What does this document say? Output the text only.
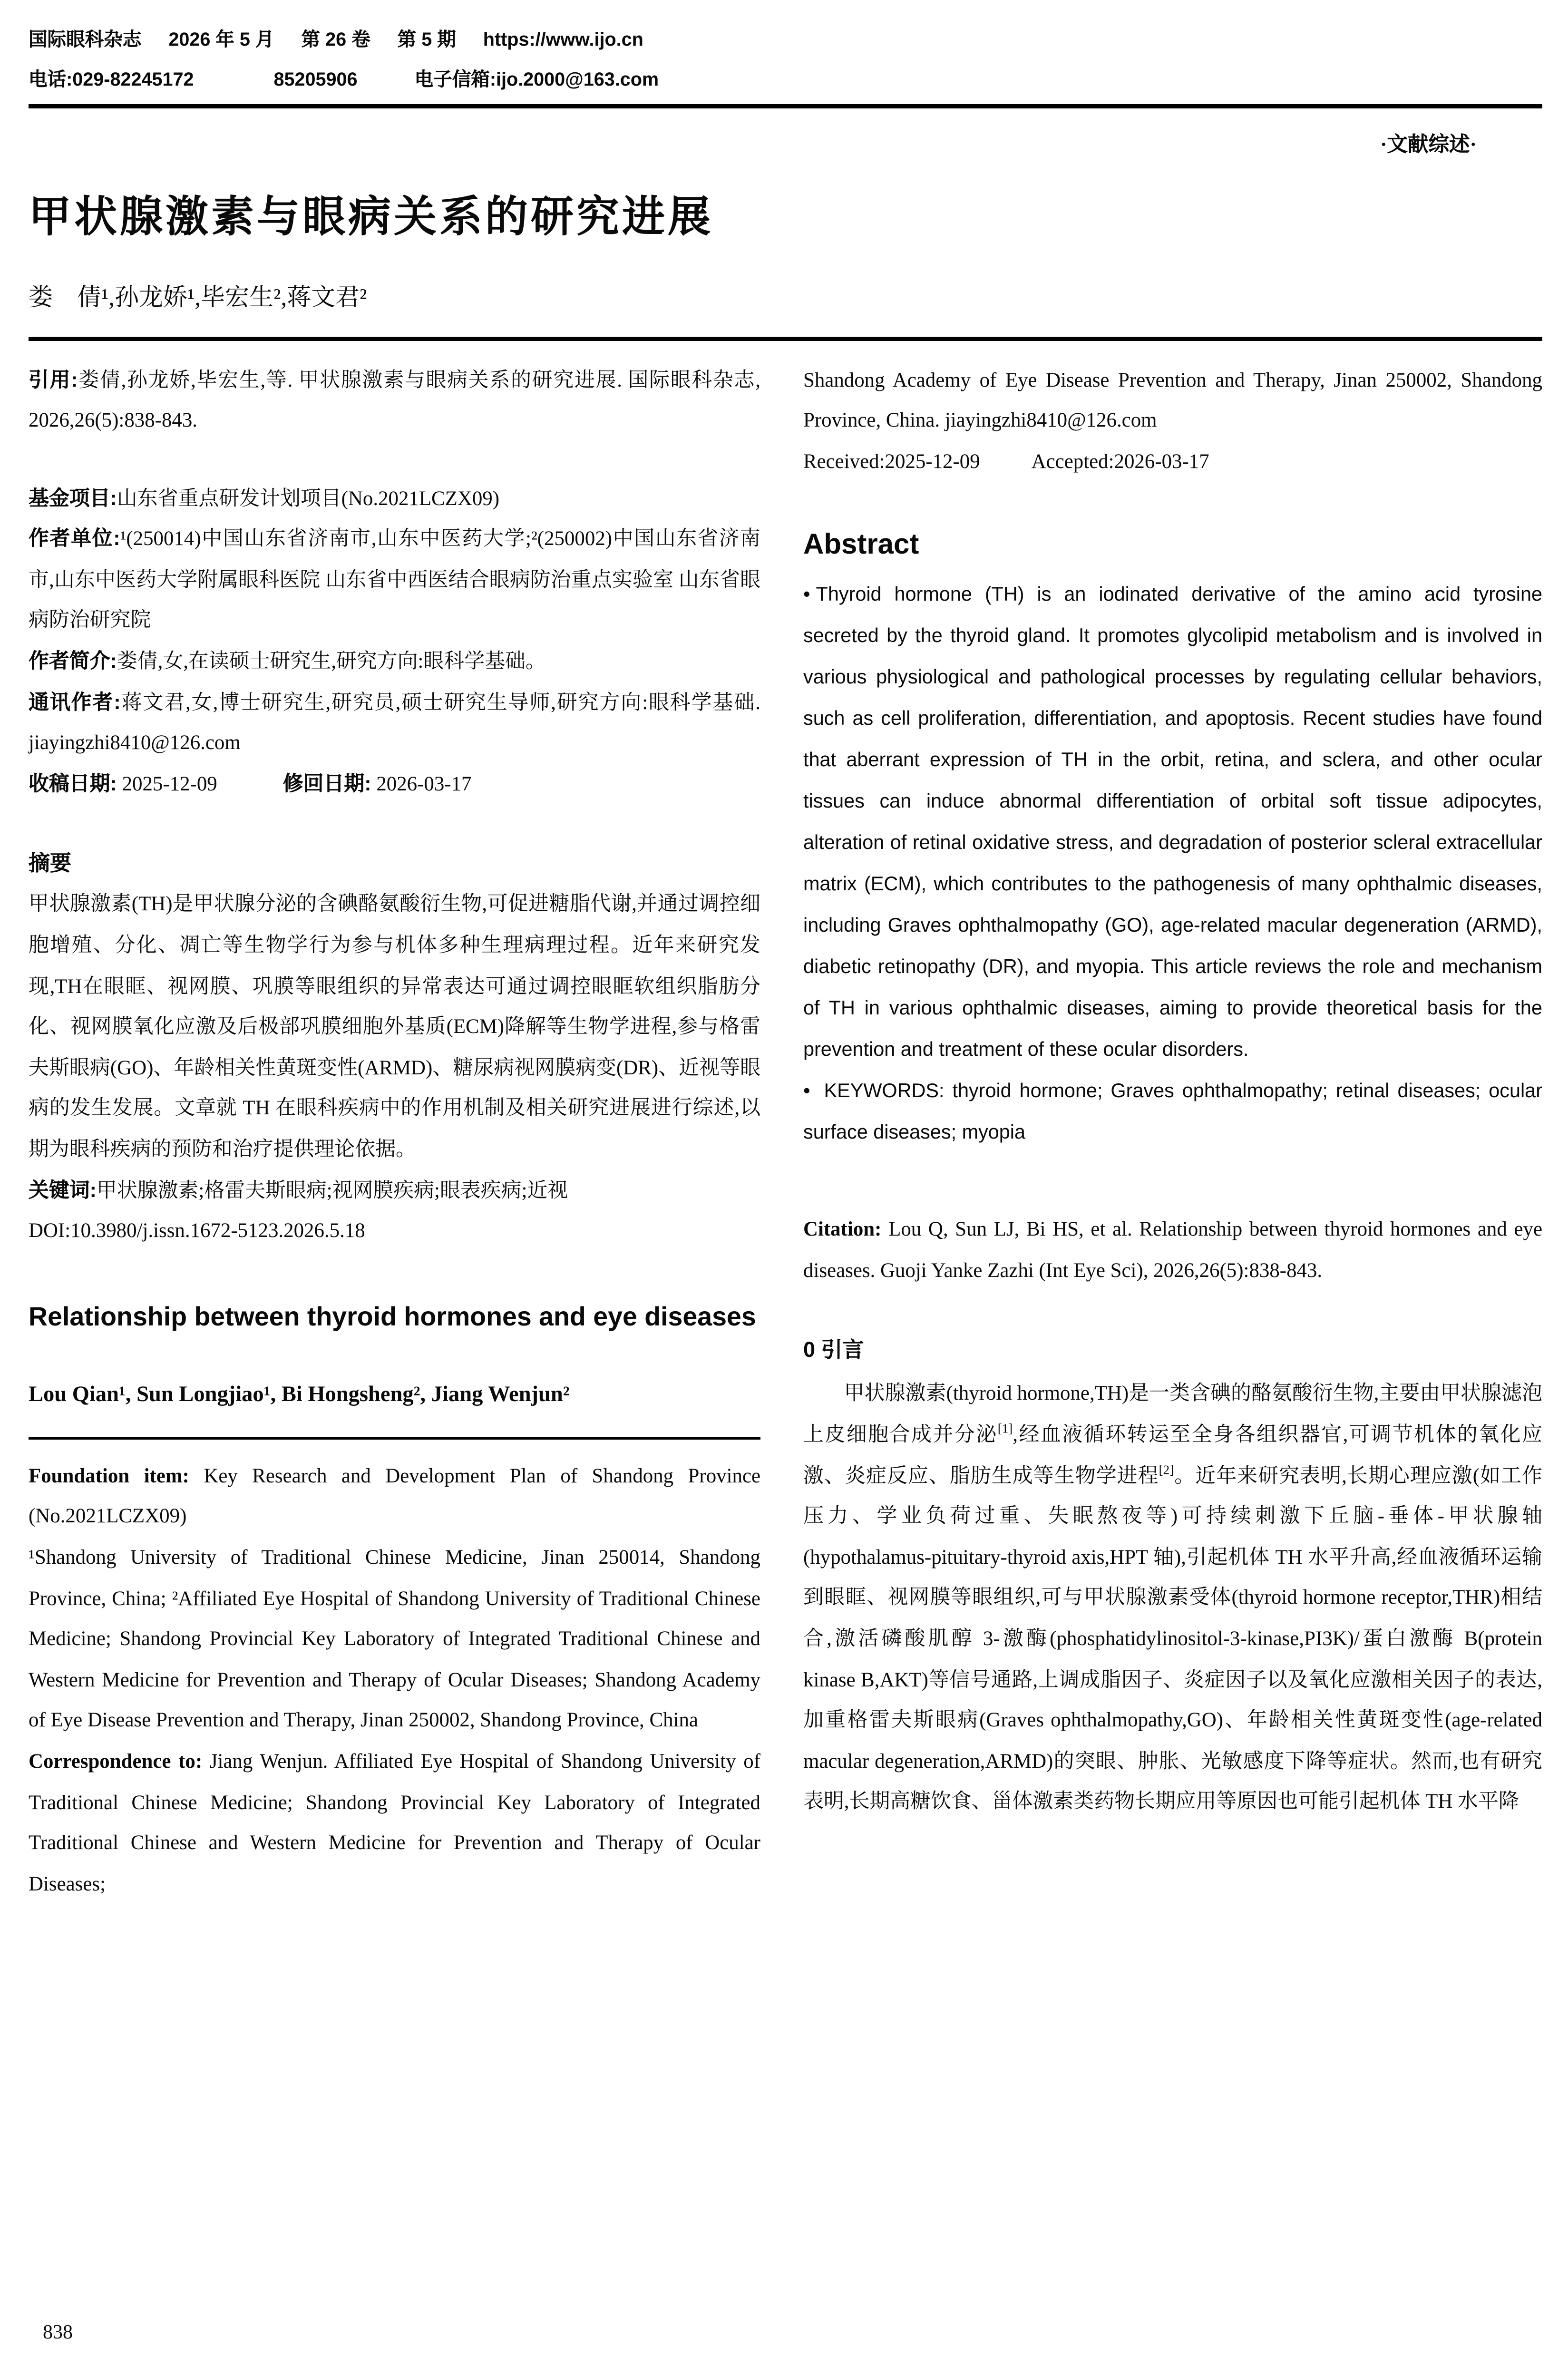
国际眼科杂志	2026 年 5 月	第 26 卷	第 5 期	https://www.ijo.cn
电话:029-82245172	85205906	电子信箱:ijo.2000@163.com
·文献综述·
甲状腺激素与眼病关系的研究进展
娄　倩¹,孙龙娇¹,毕宏生²,蒋文君²

引用:娄倩,孙龙娇,毕宏生,等. 甲状腺激素与眼病关系的研究进展. 国际眼科杂志, 2026,26(5):838-843.

基金项目:山东省重点研发计划项目(No.2021LCZX09)

作者单位:¹(250014)中国山东省济南市,山东中医药大学;²(250002)中国山东省济南市,山东中医药大学附属眼科医院 山东省中西医结合眼病防治重点实验室 山东省眼病防治研究院

作者简介:娄倩,女,在读硕士研究生,研究方向:眼科学基础。

通讯作者:蒋文君,女,博士研究生,研究员,硕士研究生导师,研究方向:眼科学基础. jiayingzhi8410@126.com

收稿日期: 2025-12-09	修回日期: 2026-03-17

摘要

甲状腺激素(TH)是甲状腺分泌的含碘酪氨酸衍生物,可促进糖脂代谢,并通过调控细胞增殖、分化、凋亡等生物学行为参与机体多种生理病理过程。近年来研究发现,TH在眼眶、视网膜、巩膜等眼组织的异常表达可通过调控眼眶软组织脂肪分化、视网膜氧化应激及后极部巩膜细胞外基质(ECM)降解等生物学进程,参与格雷夫斯眼病(GO)、年龄相关性黄斑变性(ARMD)、糖尿病视网膜病变(DR)、近视等眼病的发生发展。文章就 TH 在眼科疾病中的作用机制及相关研究进展进行综述,以期为眼科疾病的预防和治疗提供理论依据。

关键词:甲状腺激素;格雷夫斯眼病;视网膜疾病;眼表疾病;近视

DOI:10.3980/j.issn.1672-5123.2026.5.18

Relationship between thyroid hormones and eye diseases

Lou Qian¹, Sun Longjiao¹, Bi Hongsheng², Jiang Wenjun²

Foundation item: Key Research and Development Plan of Shandong Province (No.2021LCZX09)

¹Shandong University of Traditional Chinese Medicine, Jinan 250014, Shandong Province, China; ²Affiliated Eye Hospital of Shandong University of Traditional Chinese Medicine; Shandong Provincial Key Laboratory of Integrated Traditional Chinese and Western Medicine for Prevention and Therapy of Ocular Diseases; Shandong Academy of Eye Disease Prevention and Therapy, Jinan 250002, Shandong Province, China

Correspondence to: Jiang Wenjun. Affiliated Eye Hospital of Shandong University of Traditional Chinese Medicine; Shandong Provincial Key Laboratory of Integrated Traditional Chinese and Western Medicine for Prevention and Therapy of Ocular Diseases;

Shandong Academy of Eye Disease Prevention and Therapy, Jinan 250002, Shandong Province, China. jiayingzhi8410@126.com

Received:2025-12-09	Accepted:2026-03-17

Abstract

• Thyroid hormone (TH) is an iodinated derivative of the amino acid tyrosine secreted by the thyroid gland. It promotes glycolipid metabolism and is involved in various physiological and pathological processes by regulating cellular behaviors, such as cell proliferation, differentiation, and apoptosis. Recent studies have found that aberrant expression of TH in the orbit, retina, and sclera, and other ocular tissues can induce abnormal differentiation of orbital soft tissue adipocytes, alteration of retinal oxidative stress, and degradation of posterior scleral extracellular matrix (ECM), which contributes to the pathogenesis of many ophthalmic diseases, including Graves ophthalmopathy (GO), age-related macular degeneration (ARMD), diabetic retinopathy (DR), and myopia. This article reviews the role and mechanism of TH in various ophthalmic diseases, aiming to provide theoretical basis for the prevention and treatment of these ocular disorders.

• KEYWORDS: thyroid hormone; Graves ophthalmopathy; retinal diseases; ocular surface diseases; myopia

Citation: Lou Q, Sun LJ, Bi HS, et al. Relationship between thyroid hormones and eye diseases. Guoji Yanke Zazhi (Int Eye Sci), 2026,26(5):838-843.

0 引言

甲状腺激素(thyroid hormone,TH)是一类含碘的酪氨酸衍生物,主要由甲状腺滤泡上皮细胞合成并分泌[1],经血液循环转运至全身各组织器官,可调节机体的氧化应激、炎症反应、脂肪生成等生物学进程[2]。近年来研究表明,长期心理应激(如工作压力、学业负荷过重、失眠熬夜等)可持续刺激下丘脑-垂体-甲状腺轴(hypothalamus-pituitary-thyroid axis,HPT 轴),引起机体 TH 水平升高,经血液循环运输到眼眶、视网膜等眼组织,可与甲状腺激素受体(thyroid hormone receptor,THR)相结合,激活磷酸肌醇 3-激酶(phosphatidylinositol-3-kinase,PI3K)/蛋白激酶 B(protein kinase B,AKT)等信号通路,上调成脂因子、炎症因子以及氧化应激相关因子的表达,加重格雷夫斯眼病(Graves ophthalmopathy,GO)、年龄相关性黄斑变性(age-related macular degeneration,ARMD)的突眼、肿胀、光敏感度下降等症状。然而,也有研究表明,长期高糖饮食、甾体激素类药物长期应用等原因也可能引起机体 TH 水平降

838
